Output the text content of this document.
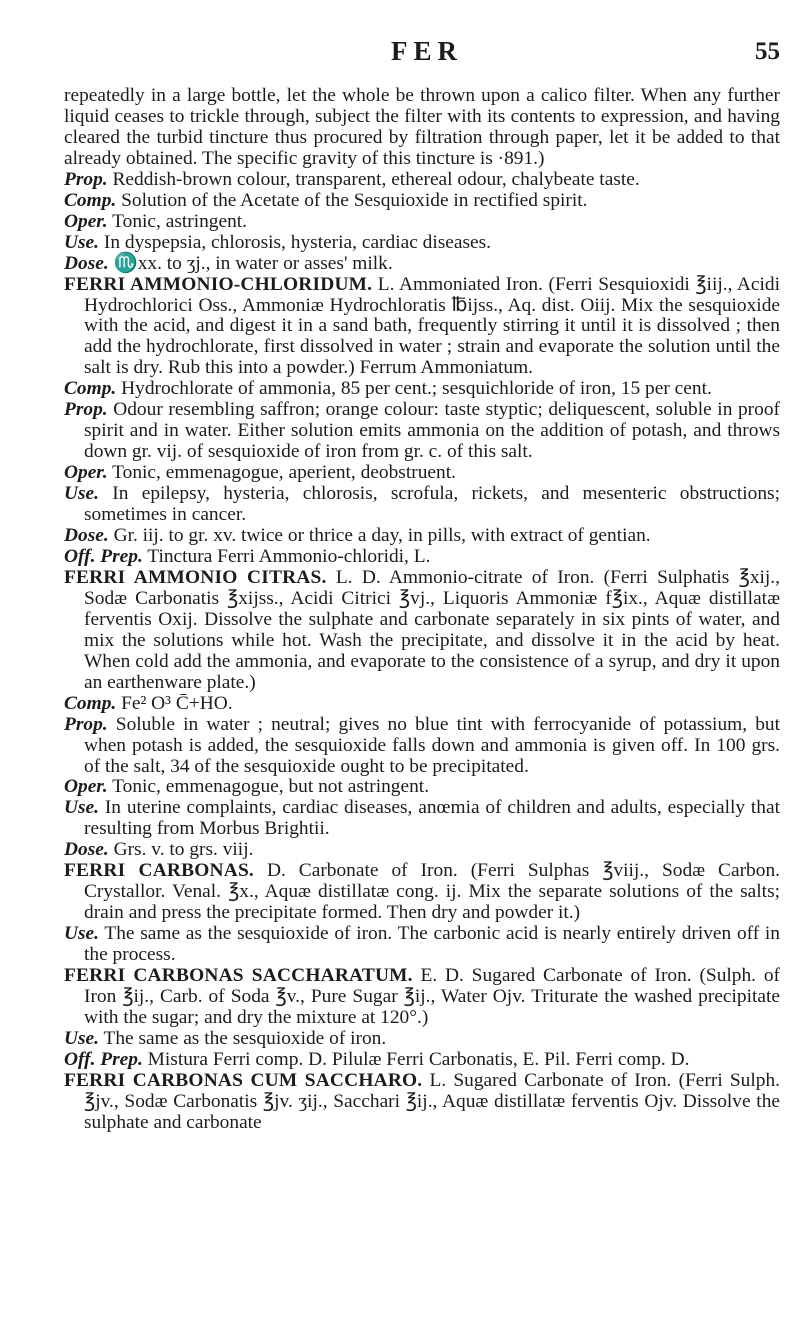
FER	55

repeatedly in a large bottle, let the whole be thrown upon a calico filter. When any further liquid ceases to trickle through, subject the filter with its contents to expression, and having cleared the turbid tincture thus procured by filtration through paper, let it be added to that already obtained. The specific gravity of this tincture is ·891.)

Prop. Reddish-brown colour, transparent, ethereal odour, chalybeate taste.

Comp. Solution of the Acetate of the Sesquioxide in rectified spirit.

Oper. Tonic, astringent.

Use. In dyspepsia, chlorosis, hysteria, cardiac diseases.

Dose. ♏xx. to ʒj., in water or asses' milk.

FERRI AMMONIO-CHLORIDUM. L. Ammoniated Iron. (Ferri Sesquioxidi ℥iij., Acidi Hydrochlorici Oss., Ammoniæ Hydrochloratis ℔ijss., Aq. dist. Oiij. Mix the sesquioxide with the acid, and digest it in a sand bath, frequently stirring it until it is dissolved ; then add the hydrochlorate, first dissolved in water ; strain and evaporate the solution until the salt is dry. Rub this into a powder.) Ferrum Ammoniatum.

Comp. Hydrochlorate of ammonia, 85 per cent.; sesquichloride of iron, 15 per cent.

Prop. Odour resembling saffron; orange colour: taste styptic; deliquescent, soluble in proof spirit and in water. Either solution emits ammonia on the addition of potash, and throws down gr. vij. of sesquioxide of iron from gr. c. of this salt.

Oper. Tonic, emmenagogue, aperient, deobstruent.

Use. In epilepsy, hysteria, chlorosis, scrofula, rickets, and mesenteric obstructions; sometimes in cancer.

Dose. Gr. iij. to gr. xv. twice or thrice a day, in pills, with extract of gentian.

Off. Prep. Tinctura Ferri Ammonio-chloridi, L.

FERRI AMMONIO CITRAS. L. D. Ammonio-citrate of Iron. (Ferri Sulphatis ℥xij., Sodæ Carbonatis ℥xijss., Acidi Citrici ℥vj., Liquoris Ammoniæ f℥ix., Aquæ distillatæ ferventis Oxij. Dissolve the sulphate and carbonate separately in six pints of water, and mix the solutions while hot. Wash the precipitate, and dissolve it in the acid by heat. When cold add the ammonia, and evaporate to the consistence of a syrup, and dry it upon an earthenware plate.)

Comp. Fe² O³ C̄+HO.

Prop. Soluble in water ; neutral; gives no blue tint with ferrocyanide of potassium, but when potash is added, the sesquioxide falls down and ammonia is given off. In 100 grs. of the salt, 34 of the sesquioxide ought to be precipitated.

Oper. Tonic, emmenagogue, but not astringent.

Use. In uterine complaints, cardiac diseases, anœmia of children and adults, especially that resulting from Morbus Brightii.

Dose. Grs. v. to grs. viij.

FERRI CARBONAS. D. Carbonate of Iron. (Ferri Sulphas ℥viij., Sodæ Carbon. Crystallor. Venal. ℥x., Aquæ distillatæ cong. ij. Mix the separate solutions of the salts; drain and press the precipitate formed. Then dry and powder it.)

Use. The same as the sesquioxide of iron. The carbonic acid is nearly entirely driven off in the process.

FERRI CARBONAS SACCHARATUM. E. D. Sugared Carbonate of Iron. (Sulph. of Iron ℥ij., Carb. of Soda ℥v., Pure Sugar ℥ij., Water Ojv. Triturate the washed precipitate with the sugar; and dry the mixture at 120°.)

Use. The same as the sesquioxide of iron.

Off. Prep. Mistura Ferri comp. D. Pilulæ Ferri Carbonatis, E. Pil. Ferri comp. D.

FERRI CARBONAS CUM SACCHARO. L. Sugared Carbonate of Iron. (Ferri Sulph. ℥jv., Sodæ Carbonatis ℥jv. ʒij., Sacchari ℥ij., Aquæ distillatæ ferventis Ojv. Dissolve the sulphate and carbonate
